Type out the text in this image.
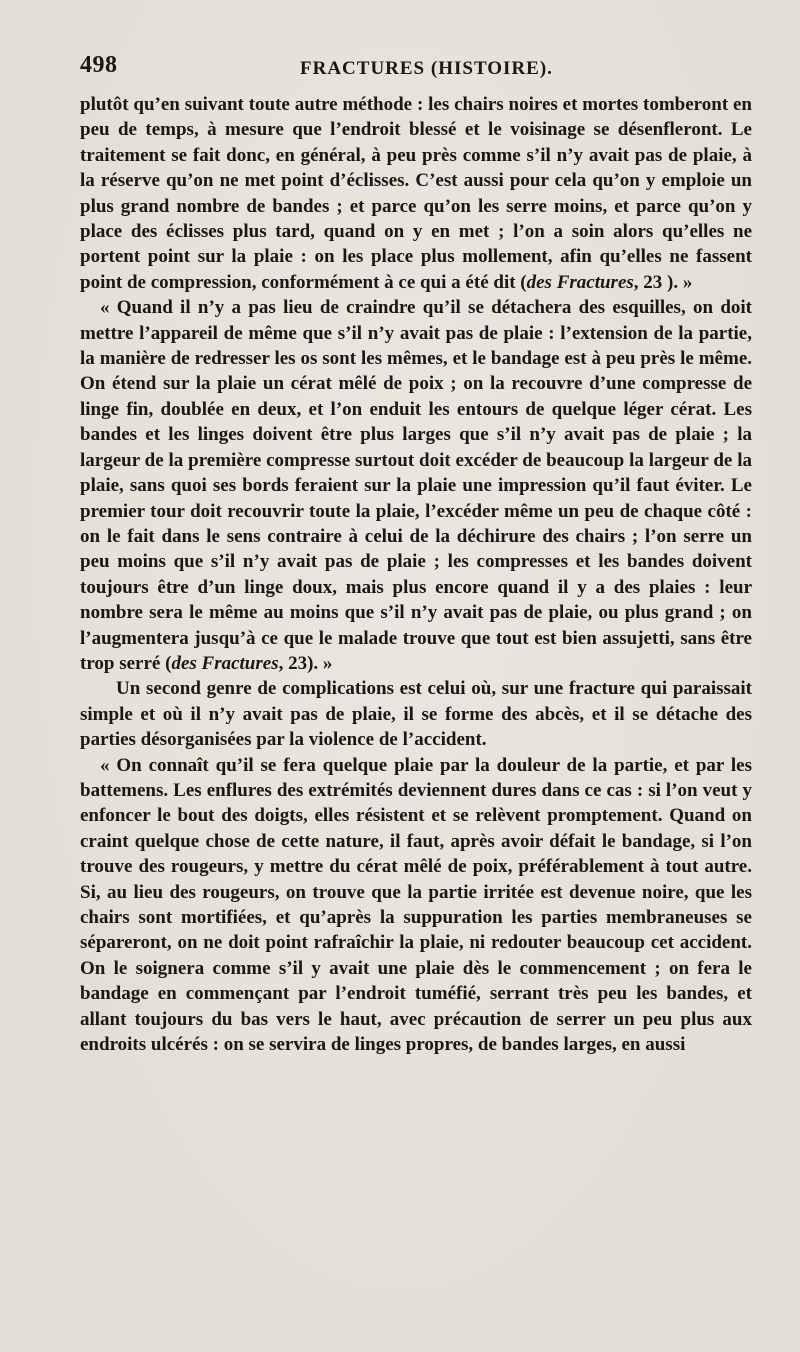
498	FRACTURES (HISTOIRE).

plutôt qu’en suivant toute autre méthode : les chairs noires et mortes tomberont en peu de temps, à mesure que l’endroit blessé et le voisinage se désenfleront. Le traitement se fait donc, en général, à peu près comme s’il n’y avait pas de plaie, à la réserve qu’on ne met point d’éclisses. C’est aussi pour cela qu’on y emploie un plus grand nombre de bandes ; et parce qu’on les serre moins, et parce qu’on y place des éclisses plus tard, quand on y en met ; l’on a soin alors qu’elles ne portent point sur la plaie : on les place plus mollement, afin qu’elles ne fassent point de compression, conformément à ce qui a été dit (des Fractures, 23 ). »

« Quand il n’y a pas lieu de craindre qu’il se détachera des esquilles, on doit mettre l’appareil de même que s’il n’y avait pas de plaie : l’extension de la partie, la manière de redresser les os sont les mêmes, et le bandage est à peu près le même. On étend sur la plaie un cérat mêlé de poix ; on la recouvre d’une compresse de linge fin, doublée en deux, et l’on enduit les entours de quelque léger cérat. Les bandes et les linges doivent être plus larges que s’il n’y avait pas de plaie ; la largeur de la première compresse surtout doit excéder de beaucoup la largeur de la plaie, sans quoi ses bords feraient sur la plaie une impression qu’il faut éviter. Le premier tour doit recouvrir toute la plaie, l’excéder même un peu de chaque côté : on le fait dans le sens contraire à celui de la déchirure des chairs ; l’on serre un peu moins que s’il n’y avait pas de plaie ; les compresses et les bandes doivent toujours être d’un linge doux, mais plus encore quand il y a des plaies : leur nombre sera le même au moins que s’il n’y avait pas de plaie, ou plus grand ; on l’augmentera jusqu’à ce que le malade trouve que tout est bien assujetti, sans être trop serré (des Fractures, 23). »

Un second genre de complications est celui où, sur une fracture qui paraissait simple et où il n’y avait pas de plaie, il se forme des abcès, et il se détache des parties désorganisées par la violence de l’accident.

« On connaît qu’il se fera quelque plaie par la douleur de la partie, et par les battemens. Les enflures des extrémités deviennent dures dans ce cas : si l’on veut y enfoncer le bout des doigts, elles résistent et se relèvent promptement. Quand on craint quelque chose de cette nature, il faut, après avoir défait le bandage, si l’on trouve des rougeurs, y mettre du cérat mêlé de poix, préférablement à tout autre. Si, au lieu des rougeurs, on trouve que la partie irritée est devenue noire, que les chairs sont mortifiées, et qu’après la suppuration les parties membraneuses se sépareront, on ne doit point rafraîchir la plaie, ni redouter beaucoup cet accident. On le soignera comme s’il y avait une plaie dès le commencement ; on fera le bandage en commençant par l’endroit tuméfié, serrant très peu les bandes, et allant toujours du bas vers le haut, avec précaution de serrer un peu plus aux endroits ulcérés : on se servira de linges propres, de bandes larges, en aussi
